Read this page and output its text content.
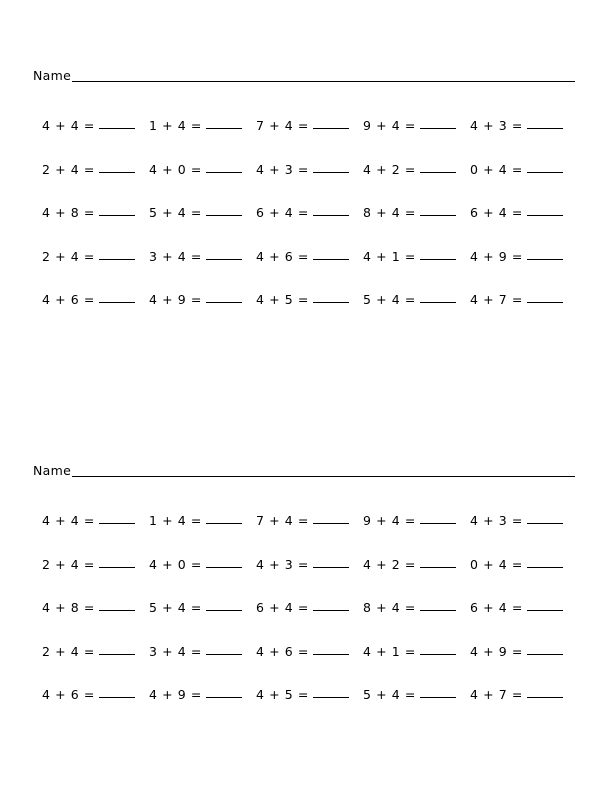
Name
4 + 4 =	1 + 4 =	7 + 4 =	9 + 4 =	4 + 3 =
2 + 4 =	4 + 0 =	4 + 3 =	4 + 2 =	0 + 4 =
4 + 8 =	5 + 4 =	6 + 4 =	8 + 4 =	6 + 4 =
2 + 4 =	3 + 4 =	4 + 6 =	4 + 1 =	4 + 9 =
4 + 6 =	4 + 9 =	4 + 5 =	5 + 4 =	4 + 7 =
Name
4 + 4 =	1 + 4 =	7 + 4 =	9 + 4 =	4 + 3 =
2 + 4 =	4 + 0 =	4 + 3 =	4 + 2 =	0 + 4 =
4 + 8 =	5 + 4 =	6 + 4 =	8 + 4 =	6 + 4 =
2 + 4 =	3 + 4 =	4 + 6 =	4 + 1 =	4 + 9 =
4 + 6 =	4 + 9 =	4 + 5 =	5 + 4 =	4 + 7 =
